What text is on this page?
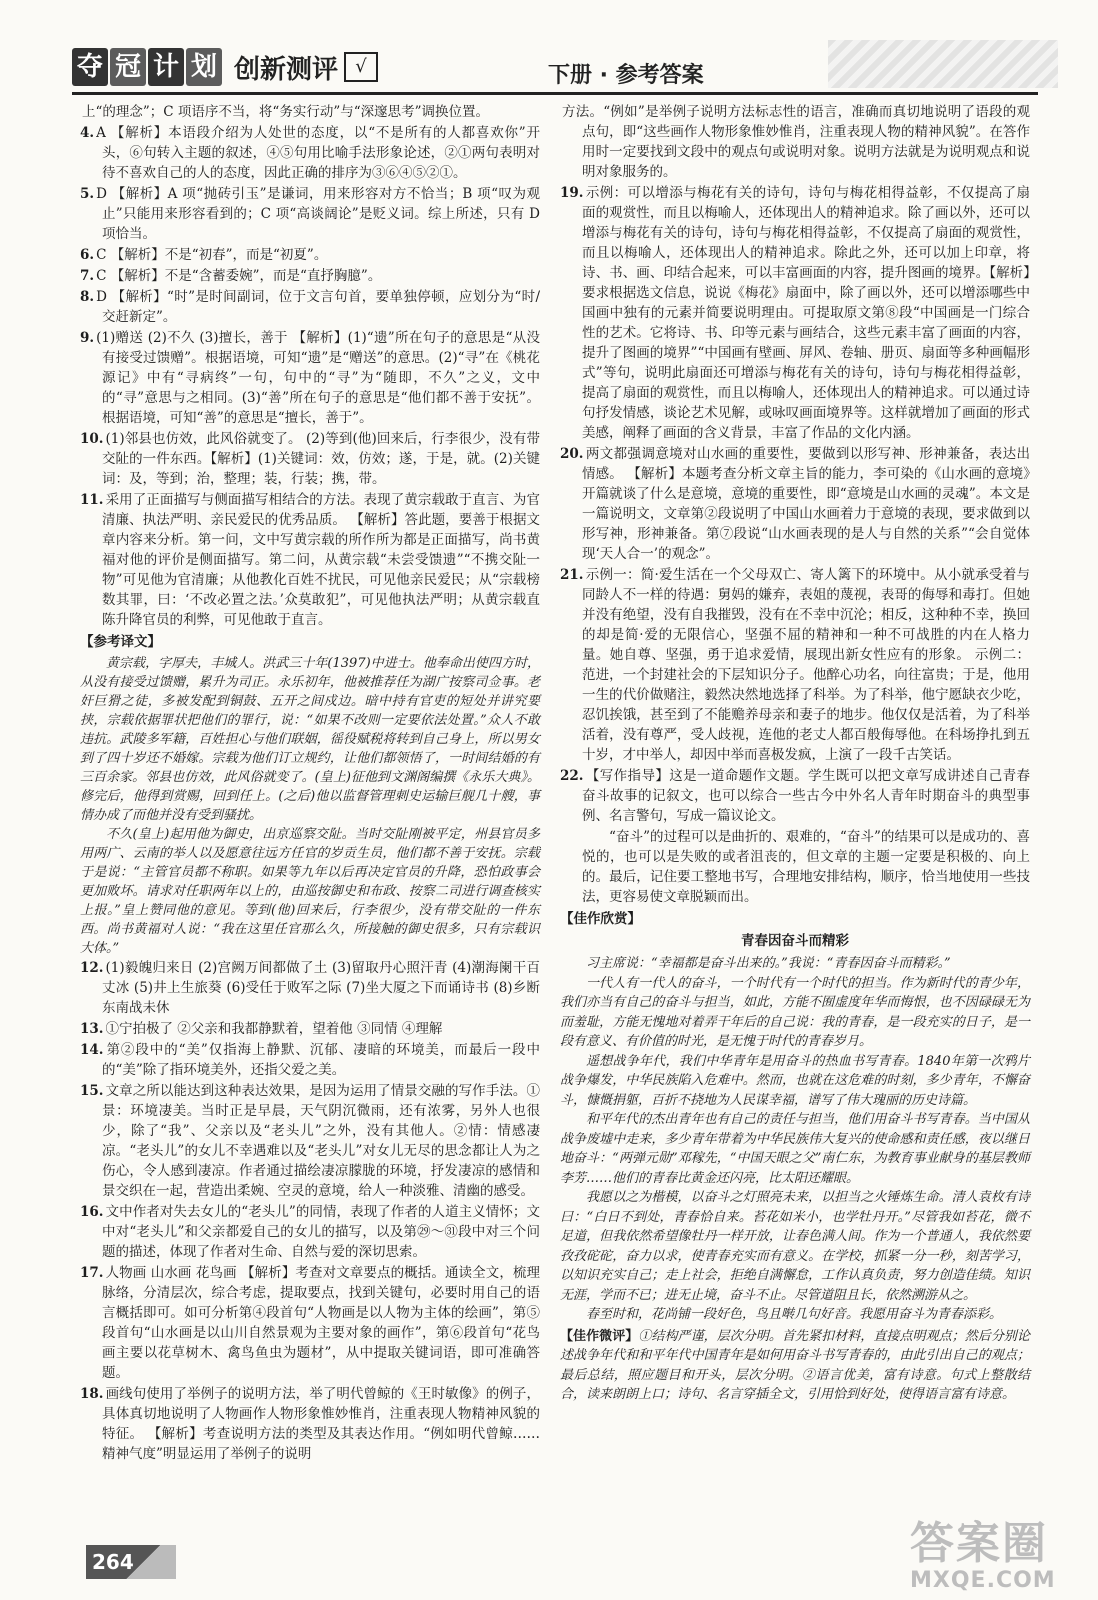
夺 冠 计 划 创新测评 √	下册 · 参考答案
上“的理念”；C 项语序不当，将“务实行动”与“深邃思考”调换位置。
4. A 【解析】本语段介绍为人处世的态度，以“不是所有的人都喜欢你”开头，⑥句转入主题的叙述，④⑤句用比喻手法形象论述，②①两句表明对待不喜欢自己的人的态度，因此正确的排序为③⑥④⑤②①。
5. D 【解析】A 项“抛砖引玉”是谦词，用来形容对方不恰当；B 项“叹为观止”只能用来形容看到的；C 项“高谈阔论”是贬义词。综上所述，只有 D 项恰当。
6. C 【解析】不是“初春”，而是“初夏”。
7. C 【解析】不是“含蓄委婉”，而是“直抒胸臆”。
8. D 【解析】“时”是时间副词，位于文言句首，要单独停顿，应划分为“时/交赶新定”。
9. (1)赠送 (2)不久 (3)擅长，善于 【解析】(1)“遗”所在句子的意思是“从没有接受过馈赠”。根据语境，可知“遗”是“赠送”的意思。(2)“寻”在《桃花源记》中有“寻病终”一句，句中的“寻”为“随即，不久”之义，文中的“寻”意思与之相同。(3)“善”所在句子的意思是“他们都不善于安抚”。根据语境，可知“善”的意思是“擅长，善于”。
10. (1)邻县也仿效，此风俗就变了。 (2)等到(他)回来后，行李很少，没有带交阯的一件东西。【解析】(1)关键词：效，仿效；遂，于是，就。(2)关键词：及，等到；治，整理；装，行装；携，带。
11. 采用了正面描写与侧面描写相结合的方法。表现了黄宗载敢于直言、为官清廉、执法严明、亲民爱民的优秀品质。 【解析】答此题，要善于根据文章内容来分析。第一问，文中写黄宗载的所作所为都是正面描写，尚书黄福对他的评价是侧面描写。第二问，从黄宗载“未尝受馈遗”“不携交阯一物”可见他为官清廉；从他教化百姓不扰民，可见他亲民爱民；从“宗载榜数其罪，曰：‘不改必置之法。’众莫敢犯”，可见他执法严明；从黄宗载直陈升降官员的利弊，可见他敢于直言。
【参考译文】

黄宗载，字厚夫，丰城人。洪武三十年(1397)中进士。他奉命出使四方时，从没有接受过馈赠，累升为司正。永乐初年，他被推荐任为湖广按察司佥事。老奸巨猾之徒，多被发配到铜鼓、五开之间戍边。暗中持有官吏的短处并讲究要挟，宗载依据罪状把他们的罪行，说：“如果不改则一定要依法处置。”众人不敢违抗。武陵多军籍，百姓担心与他们联姻，徭役赋税将转到自己身上，所以男女到了四十岁还不婚嫁。宗载为他们订立规约，让他们都领悟了，一时间结婚的有三百余家。邻县也仿效，此风俗就变了。(皇上)征他到文渊阁编撰《永乐大典》。修完后，他得到赏赐，回到任上。(之后)他以监督管理刺史运输巨舰几十艘，事情办成了而他并没有受到骚扰。

不久(皇上)起用他为御史，出京巡察交阯。当时交阯刚被平定，州县官员多用两广、云南的举人以及愿意往远方任官的岁贡生员，他们都不善于安抚。宗载于是说：“主管官员都不称职。如果等九年以后再决定官员的升降，恐怕政事会更加败坏。请求对任职两年以上的，由巡按御史和布政、按察二司进行调查核实上报。”皇上赞同他的意见。等到(他)回来后，行李很少，没有带交阯的一件东西。尚书黄福对人说：“我在这里任官那么久，所接触的御史很多，只有宗载识大体。”

12. (1)毅魄归来日 (2)宫阙万间都做了土 (3)留取丹心照汗青 (4)潮海阑干百丈冰 (5)井上生旅葵 (6)受任于败军之际 (7)坐大厦之下而诵诗书 (8)乡断东南战未休
13. ①宁拍极了 ②父亲和我都静默着，望着他 ③同情 ④理解
14. 第②段中的“美”仅指海上静默、沉郁、凄暗的环境美，而最后一段中的“美”除了指环境美外，还指父爱之美。
15. 文章之所以能达到这种表达效果，是因为运用了情景交融的写作手法。①景：环境凄美。当时正是早晨，天气阴沉微雨，还有浓雾，另外人也很少，除了“我”、父亲以及“老头儿”之外，没有其他人。②情：情感凄凉。“老头儿”的女儿不幸遇难以及“老头儿”对女儿无尽的思念都让人为之伤心，令人感到凄凉。作者通过描绘凄凉朦胧的环境，抒发凄凉的感情和景交织在一起，营造出柔婉、空灵的意境，给人一种淡雅、清幽的感受。
16. 文中作者对失去女儿的“老头儿”的同情，表现了作者的人道主义情怀；文中对“老头儿”和父亲都爱自己的女儿的描写，以及第㉙～㉛段中对三个问题的描述，体现了作者对生命、自然与爱的深切思索。
17. 人物画 山水画 花鸟画 【解析】考查对文章要点的概括。通读全文，梳理脉络，分清层次，综合考虑，提取要点，找到关键句，必要时用自己的语言概括即可。如可分析第④段首句“人物画是以人物为主体的绘画”，第⑤段首句“山水画是以山川自然景观为主要对象的画作”，第⑥段首句“花鸟画主要以花草树木、禽鸟鱼虫为题材”，从中提取关键词语，即可准确答题。
18. 画线句使用了举例子的说明方法，举了明代曾鲸的《王时敏像》的例子，具体真切地说明了人物画作人物形象惟妙惟肖，注重表现人物精神风貌的特征。 【解析】考查说明方法的类型及其表达作用。“例如明代曾鲸……精神气度”明显运用了举例子的说明
方法。“例如”是举例子说明方法标志性的语言，准确而真切地说明了语段的观点句，即“这些画作人物形象惟妙惟肖，注重表现人物的精神风貌”。在答作用时一定要找到文段中的观点句或说明对象。说明方法就是为说明观点和说明对象服务的。
19. 示例：可以增添与梅花有关的诗句，诗句与梅花相得益彰，不仅提高了扇面的观赏性，而且以梅喻人，还体现出人的精神追求。除了画以外，还可以增添与梅花有关的诗句，诗句与梅花相得益彰，不仅提高了扇面的观赏性，而且以梅喻人，还体现出人的精神追求。除此之外，还可以加上印章，将诗、书、画、印结合起来，可以丰富画面的内容，提升图画的境界。【解析】要求根据选文信息，说说《梅花》扇面中，除了画以外，还可以增添哪些中国画中独有的元素并简要说明理由。可提取原文第⑧段“中国画是一门综合性的艺术。它将诗、书、印等元素与画结合，这些元素丰富了画面的内容，提升了图画的境界”“中国画有壁画、屏风、卷轴、册页、扇面等多种画幅形式”等句，说明此扇面还可增添与梅花有关的诗句，诗句与梅花相得益彰，提高了扇面的观赏性，而且以梅喻人，还体现出人的精神追求。可以通过诗句抒发情感，谈论艺术见解，或咏叹画面境界等。这样就增加了画面的形式美感，阐释了画面的含义背景，丰富了作品的文化内涵。
20. 两文都强调意境对山水画的重要性，要做到以形写神、形神兼备，表达出情感。 【解析】本题考查分析文章主旨的能力，李可染的《山水画的意境》开篇就谈了什么是意境，意境的重要性，即“意境是山水画的灵魂”。本文是一篇说明文，文章第②段说明了中国山水画着力于意境的表现，要求做到以形写神，形神兼备。第⑦段说“山水画表现的是人与自然的关系”“会自觉体现‘天人合一’的观念”。
21. 示例一：简·爱生活在一个父母双亡、寄人篱下的环境中。从小就承受着与同龄人不一样的待遇：舅妈的嫌弃，表姐的蔑视，表哥的侮辱和毒打。但她并没有绝望，没有自我摧毁，没有在不幸中沉沦；相反，这种种不幸，换回的却是简·爱的无限信心，坚强不屈的精神和一种不可战胜的内在人格力量。她自尊、坚强，勇于追求爱情，展现出新女性应有的形象。 示例二：范进，一个封建社会的下层知识分子。他醉心功名，向往富贵；于是，他用一生的代价做赌注，毅然决然地选择了科举。为了科举，他宁愿缺衣少吃，忍饥挨饿，甚至到了不能赡养母亲和妻子的地步。他仅仅是活着，为了科举活着，没有尊严，受人歧视，连他的老丈人都百般侮辱他。在科场挣扎到五十岁，才中举人，却因中举而喜极发疯，上演了一段千古笑话。
22. 【写作指导】这是一道命题作文题。学生既可以把文章写成讲述自己青春奋斗故事的记叙文，也可以综合一些古今中外名人青年时期奋斗的典型事例、名言警句，写成一篇议论文。
“奋斗”的过程可以是曲折的、艰难的，“奋斗”的结果可以是成功的、喜悦的，也可以是失败的或者沮丧的，但文章的主题一定要是积极的、向上的。最后，记住要工整地书写，合理地安排结构，顺序，恰当地使用一些技法，更容易使文章脱颖而出。
【佳作欣赏】
青春因奋斗而精彩

习主席说：“幸福都是奋斗出来的。”我说：“青春因奋斗而精彩。”

一代人有一代人的奋斗，一个时代有一个时代的担当。作为新时代的青少年，我们亦当有自己的奋斗与担当，如此，方能不囿虚度年华而悔恨，也不因碌碌无为而羞耻，方能无愧地对着弄干年后的自己说：我的青春，是一段充实的日子，是一段有意义、有价值的时光，是无愧于时代的青春岁月。

遥想战争年代，我们中华青年是用奋斗的热血书写青春。1840年第一次鸦片战争爆发，中华民族陷入危难中。然而，也就在这危难的时刻，多少青年，不懈奋斗，慷慨捐躯，百折不挠地为人民谋幸福，谱写了伟大瑰丽的历史诗篇。

和平年代的杰出青年也有自己的责任与担当，他们用奋斗书写青春。当中国从战争废墟中走来，多少青年带着为中华民族伟大复兴的使命感和责任感，夜以继日地奋斗：“两弹元勋”邓稼先，“中国天眼之父”南仁东，为教育事业献身的基层教师李芳……他们的青春比黄金还闪亮，比太阳还耀眼。

我愿以之为楷模，以奋斗之灯照亮未来，以担当之火锤炼生命。清人袁枚有诗曰：“白日不到处，青春恰自来。苔花如米小，也学牡丹开。”尽管我如苔花，微不足道，但我依然希望像牡丹一样开放，让春色满人间。作为一个普通人，我依然要孜孜砣砣，奋力以求，使青春充实而有意义。在学校，抓紧一分一秒，刻苦学习，以知识充实自己；走上社会，拒绝自满懈怠，工作认真负责，努力创造佳绩。知识无涯，学而不已；进无止境，奋斗不止。尽管道阻且长，依然溯游从之。

春至时和，花尚铺一段好色，鸟且啭几句好音。我愿用奋斗为青春添彩。

【佳作微评】①结构严谨，层次分明。首先紧扣材料，直接点明观点；然后分别论述战争年代和和平年代中国青年是如何用奋斗书写青春的，由此引出自己的观点；最后总结，照应题目和开头，层次分明。②语言优美，富有诗意。句式上整散结合，读来朗朗上口；诗句、名言穿插全文，引用恰到好处，使得语言富有诗意。
264	答案圈
MXQE.COM
